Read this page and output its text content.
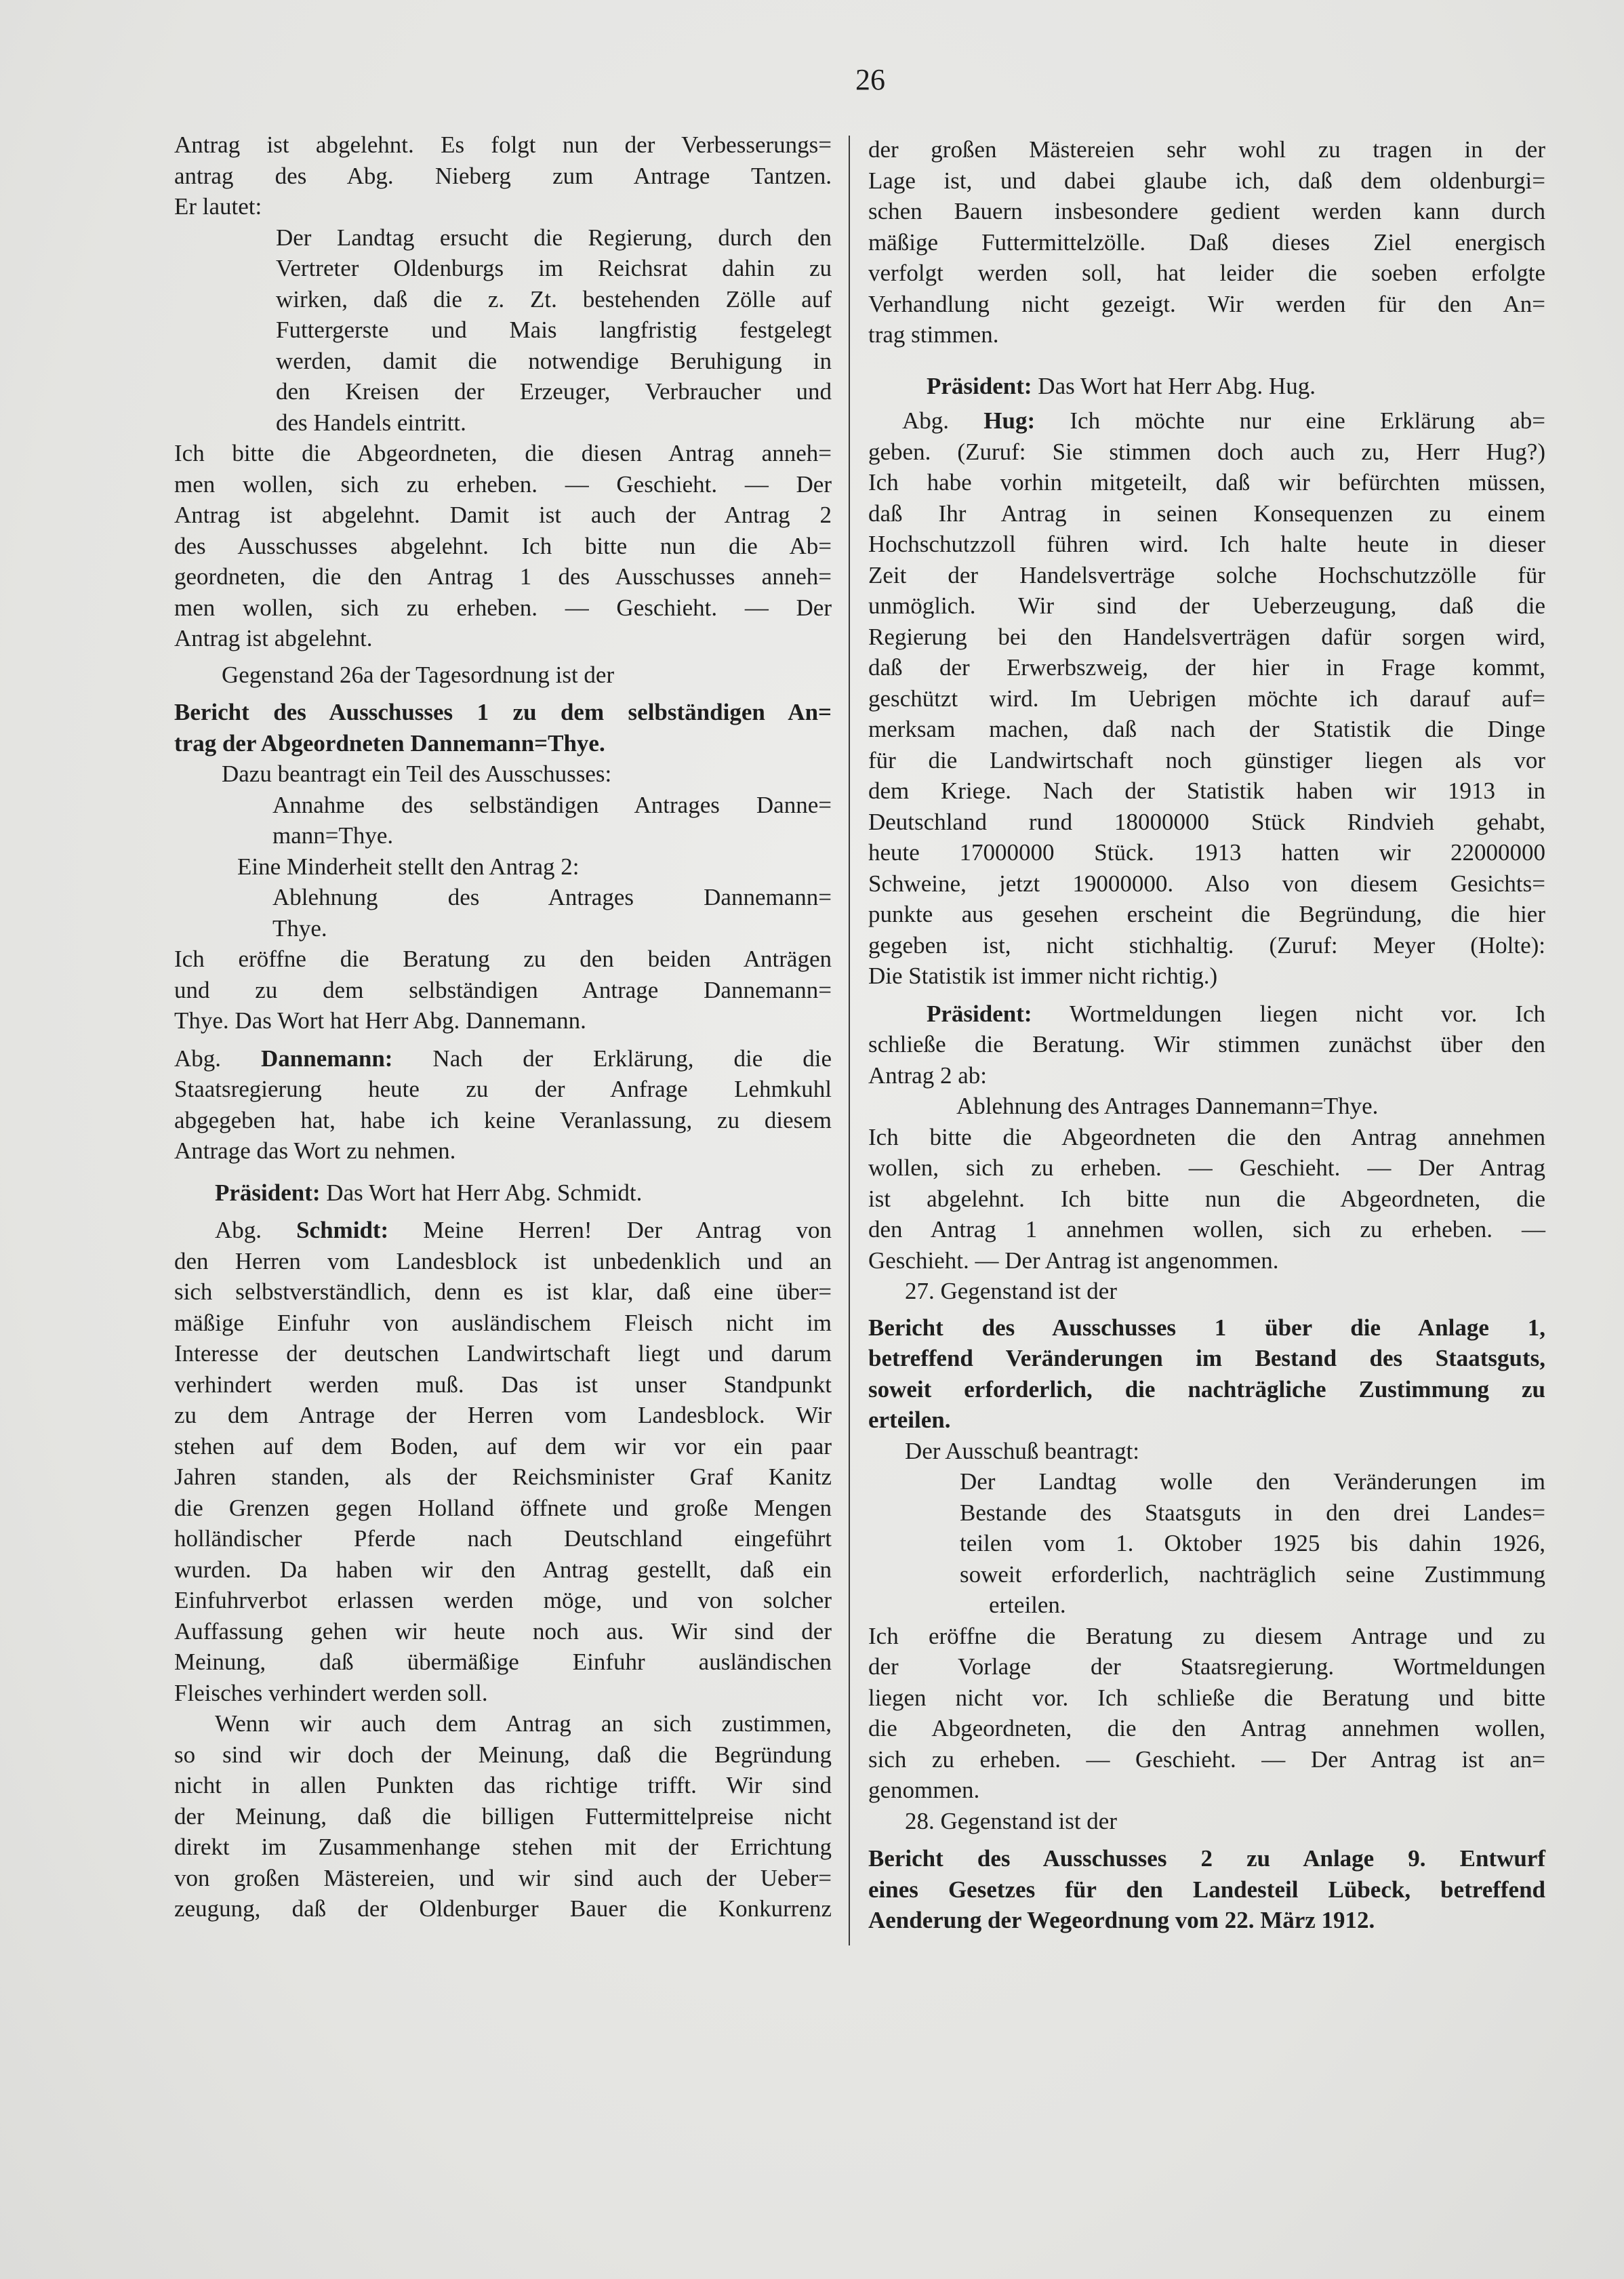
26
Antrag ist abgelehnt. Es folgt nun der Verbesserungs=
antrag des Abg. Nieberg zum Antrage Tantzen.
Er lautet:
Der Landtag ersucht die Regierung, durch den
Vertreter Oldenburgs im Reichsrat dahin zu
wirken, daß die z. Zt. bestehenden Zölle auf
Futtergerste und Mais langfristig festgelegt
werden, damit die notwendige Beruhigung in
den Kreisen der Erzeuger, Verbraucher und
des Handels eintritt.
Ich bitte die Abgeordneten, die diesen Antrag anneh=
men wollen, sich zu erheben. — Geschieht. — Der
Antrag ist abgelehnt. Damit ist auch der Antrag 2
des Ausschusses abgelehnt. Ich bitte nun die Ab=
geordneten, die den Antrag 1 des Ausschusses anneh=
men wollen, sich zu erheben. — Geschieht. — Der
Antrag ist abgelehnt.
Gegenstand 26a der Tagesordnung ist der
Bericht des Ausschusses 1 zu dem selbständigen An=
trag der Abgeordneten Dannemann=Thye.
Dazu beantragt ein Teil des Ausschusses:
Annahme des selbständigen Antrages Danne=
mann=Thye.
Eine Minderheit stellt den Antrag 2:
Ablehnung des Antrages Dannemann=
Thye.
Ich eröffne die Beratung zu den beiden Anträgen
und zu dem selbständigen Antrage Dannemann=
Thye. Das Wort hat Herr Abg. Dannemann.
Abg. Dannemann: Nach der Erklärung, die die
Staatsregierung heute zu der Anfrage Lehmkuhl
abgegeben hat, habe ich keine Veranlassung, zu diesem
Antrage das Wort zu nehmen.
Präsident: Das Wort hat Herr Abg. Schmidt.
Abg. Schmidt: Meine Herren! Der Antrag von
den Herren vom Landesblock ist unbedenklich und an
sich selbstverständlich, denn es ist klar, daß eine über=
mäßige Einfuhr von ausländischem Fleisch nicht im
Interesse der deutschen Landwirtschaft liegt und darum
verhindert werden muß. Das ist unser Standpunkt
zu dem Antrage der Herren vom Landesblock. Wir
stehen auf dem Boden, auf dem wir vor ein paar
Jahren standen, als der Reichsminister Graf Kanitz
die Grenzen gegen Holland öffnete und große Mengen
holländischer Pferde nach Deutschland eingeführt
wurden. Da haben wir den Antrag gestellt, daß ein
Einfuhrverbot erlassen werden möge, und von solcher
Auffassung gehen wir heute noch aus. Wir sind der
Meinung, daß übermäßige Einfuhr ausländischen
Fleisches verhindert werden soll.
Wenn wir auch dem Antrag an sich zustimmen,
so sind wir doch der Meinung, daß die Begründung
nicht in allen Punkten das richtige trifft. Wir sind
der Meinung, daß die billigen Futtermittelpreise nicht
direkt im Zusammenhange stehen mit der Errichtung
von großen Mästereien, und wir sind auch der Ueber=
zeugung, daß der Oldenburger Bauer die Konkurrenz
der großen Mästereien sehr wohl zu tragen in der
Lage ist, und dabei glaube ich, daß dem oldenburgi=
schen Bauern insbesondere gedient werden kann durch
mäßige Futtermittelzölle. Daß dieses Ziel energisch
verfolgt werden soll, hat leider die soeben erfolgte
Verhandlung nicht gezeigt. Wir werden für den An=
trag stimmen.
Präsident: Das Wort hat Herr Abg. Hug.
Abg. Hug: Ich möchte nur eine Erklärung ab=
geben. (Zuruf: Sie stimmen doch auch zu, Herr Hug?)
Ich habe vorhin mitgeteilt, daß wir befürchten müssen,
daß Ihr Antrag in seinen Konsequenzen zu einem
Hochschutzzoll führen wird. Ich halte heute in dieser
Zeit der Handelsverträge solche Hochschutzzölle für
unmöglich. Wir sind der Ueberzeugung, daß die
Regierung bei den Handelsverträgen dafür sorgen wird,
daß der Erwerbszweig, der hier in Frage kommt,
geschützt wird. Im Uebrigen möchte ich darauf auf=
merksam machen, daß nach der Statistik die Dinge
für die Landwirtschaft noch günstiger liegen als vor
dem Kriege. Nach der Statistik haben wir 1913 in
Deutschland rund 18000000 Stück Rindvieh gehabt,
heute 17000000 Stück. 1913 hatten wir 22000000
Schweine, jetzt 19000000. Also von diesem Gesichts=
punkte aus gesehen erscheint die Begründung, die hier
gegeben ist, nicht stichhaltig. (Zuruf: Meyer (Holte):
Die Statistik ist immer nicht richtig.)
Präsident: Wortmeldungen liegen nicht vor. Ich
schließe die Beratung. Wir stimmen zunächst über den
Antrag 2 ab:
Ablehnung des Antrages Dannemann=Thye.
Ich bitte die Abgeordneten die den Antrag annehmen
wollen, sich zu erheben. — Geschieht. — Der Antrag
ist abgelehnt. Ich bitte nun die Abgeordneten, die
den Antrag 1 annehmen wollen, sich zu erheben. —
Geschieht. — Der Antrag ist angenommen.
27. Gegenstand ist der
Bericht des Ausschusses 1 über die Anlage 1,
betreffend Veränderungen im Bestand des Staatsguts,
soweit erforderlich, die nachträgliche Zustimmung zu
erteilen.
Der Ausschuß beantragt:
Der Landtag wolle den Veränderungen im
Bestande des Staatsguts in den drei Landes=
teilen vom 1. Oktober 1925 bis dahin 1926,
soweit erforderlich, nachträglich seine Zustimmung
erteilen.
Ich eröffne die Beratung zu diesem Antrage und zu
der Vorlage der Staatsregierung. Wortmeldungen
liegen nicht vor. Ich schließe die Beratung und bitte
die Abgeordneten, die den Antrag annehmen wollen,
sich zu erheben. — Geschieht. — Der Antrag ist an=
genommen.
28. Gegenstand ist der
Bericht des Ausschusses 2 zu Anlage 9. Entwurf
eines Gesetzes für den Landesteil Lübeck, betreffend
Aenderung der Wegeordnung vom 22. März 1912.
